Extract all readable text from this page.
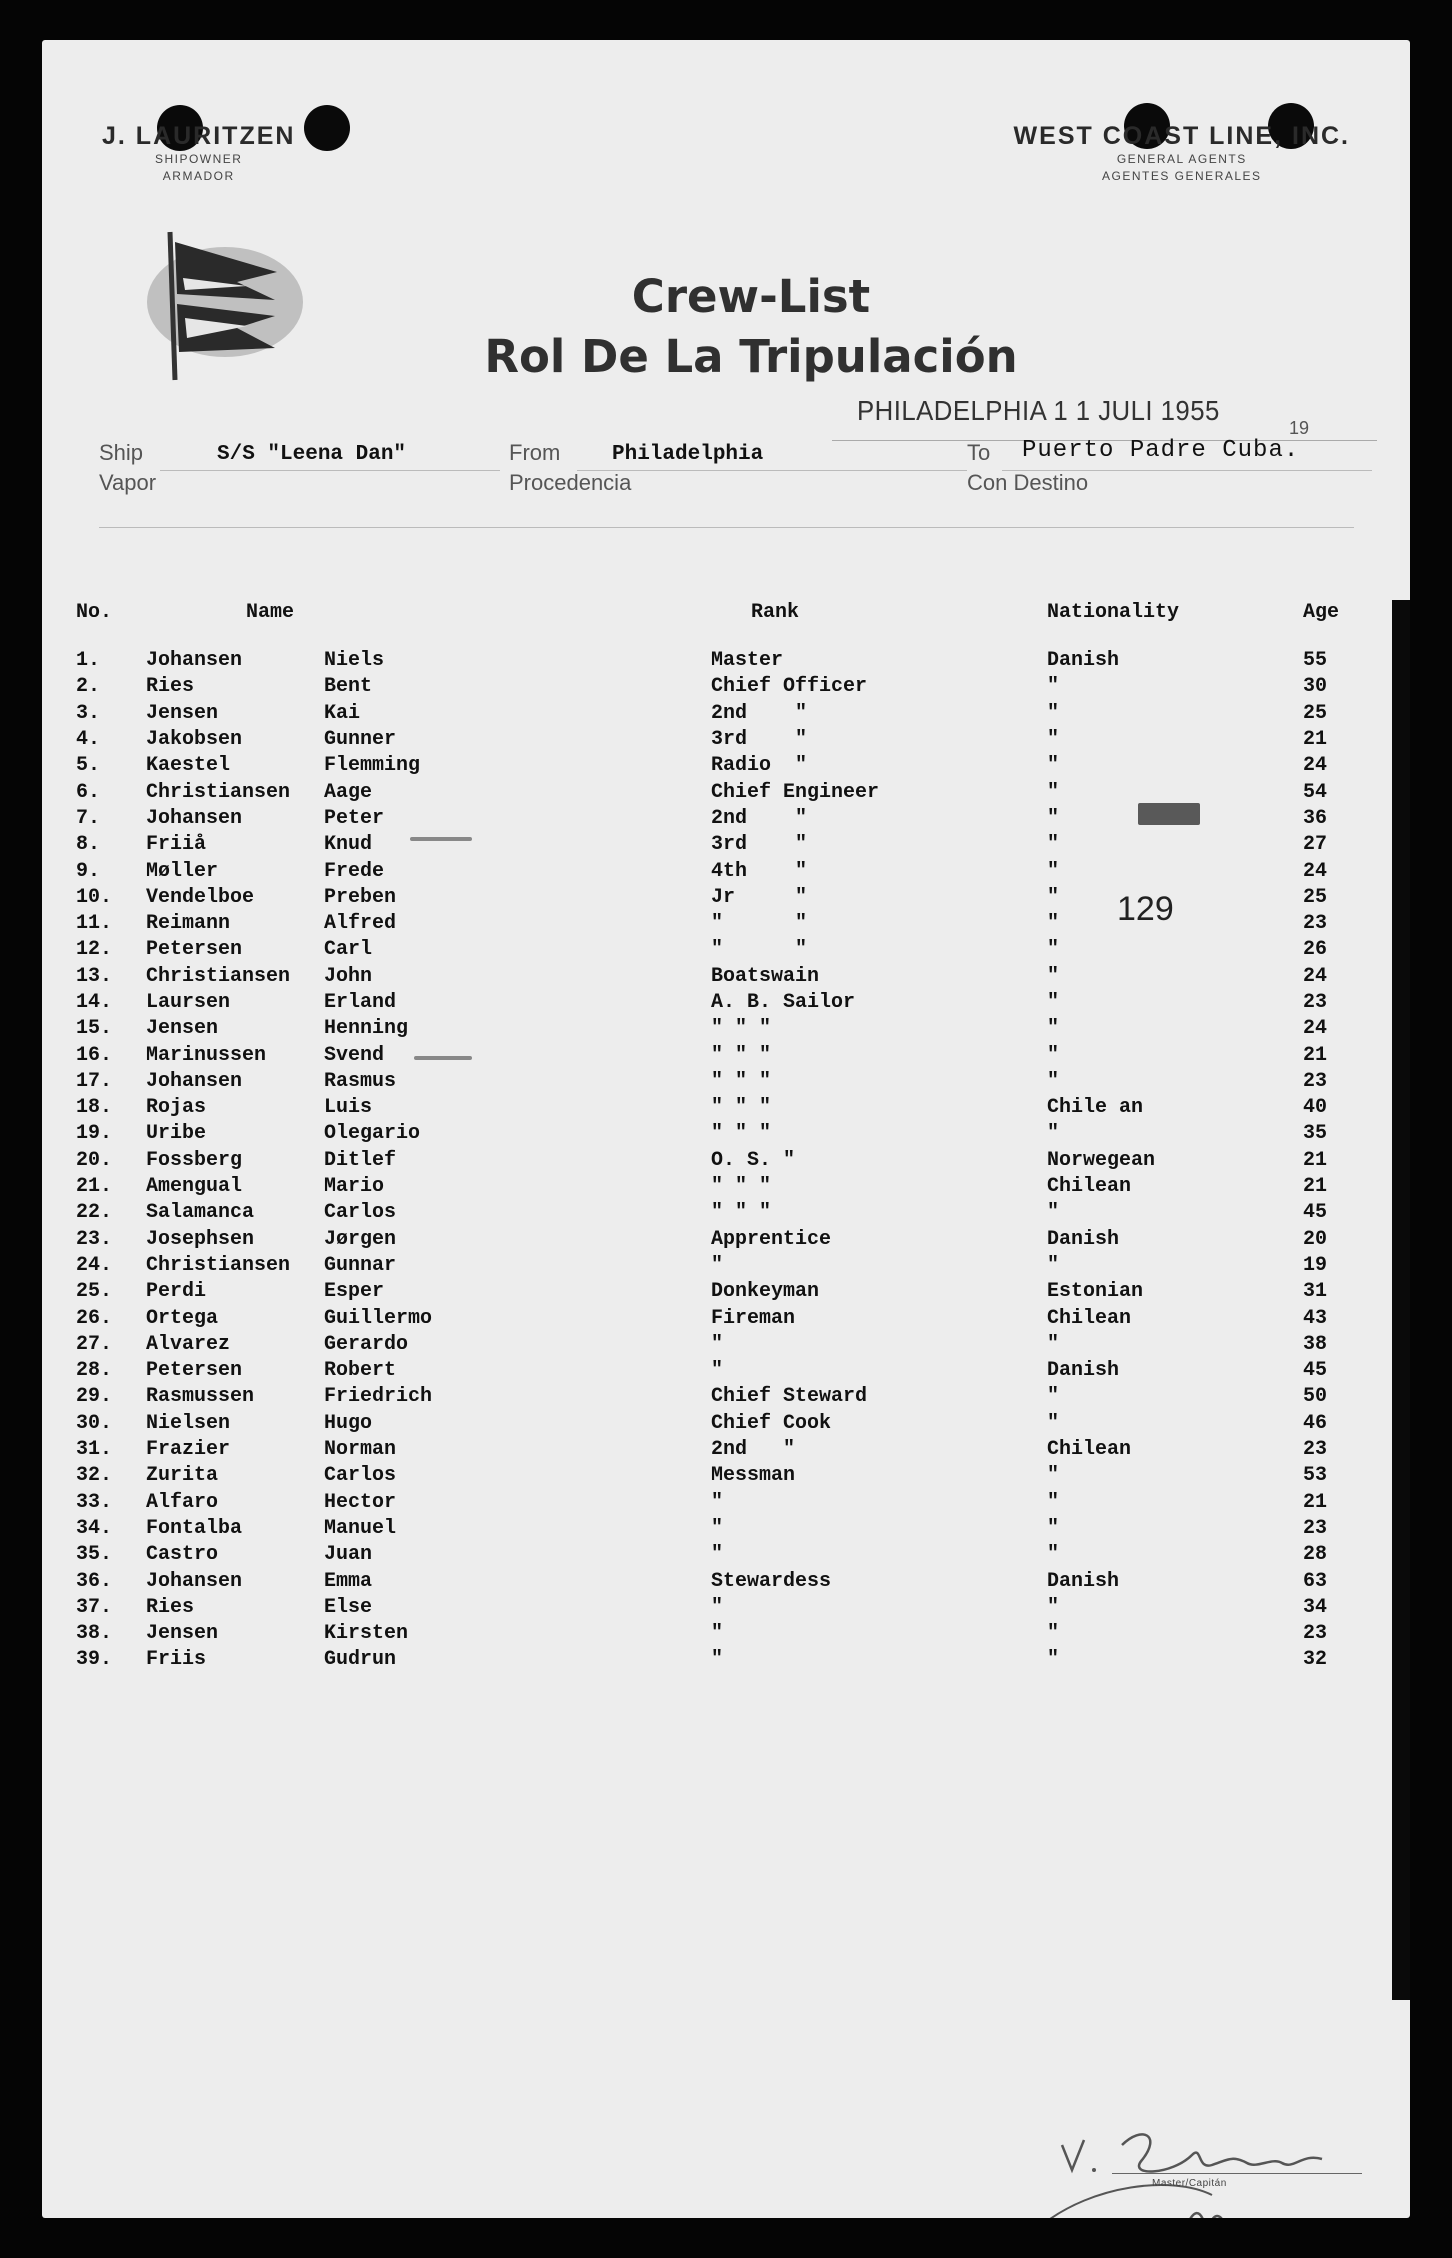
J. LAURITZEN
SHIPOWNER
ARMADOR
WEST COAST LINE, INC.
GENERAL AGENTS
AGENTES GENERALES
Crew-List
Rol De La Tripulación
PHILADELPHIA 1 1 JULI 1955
19
Ship
Vapor
S/S "Leena Dan"	From
Procedencia
Philadelphia	To
Con Destino
Puerto Padre Cuba.
No.	Name		Rank	Nationality	Age
1.	Johansen	Niels	Master	Danish	55
2.	Ries	Bent	Chief Officer	"	30
3.	Jensen	Kai	2nd    "	"	25
4.	Jakobsen	Gunner	3rd    "	"	21
5.	Kaestel	Flemming	Radio  "	"	24
6.	Christiansen	Aage	Chief Engineer	"	54
7.	Johansen	Peter	2nd    "	"	36
8.	Friiå	Knud	3rd    "	"	27
9.	Møller	Frede	4th    "	"	24
10.	Vendelboe	Preben	Jr     "	"	25
11.	Reimann	Alfred	"      "	"	23
12.	Petersen	Carl	"      "	"	26
13.	Christiansen	John	Boatswain	"	24
14.	Laursen	Erland	A. B. Sailor	"	23
15.	Jensen	Henning	" " "	"	24
16.	Marinussen	Svend	" " "	"	21
17.	Johansen	Rasmus	" " "	"	23
18.	Rojas	Luis	" " "	Chile an	40
19.	Uribe	Olegario	" " "	"	35
20.	Fossberg	Ditlef	O. S. "	Norwegean	21
21.	Amengual	Mario	" " "	Chilean	21
22.	Salamanca	Carlos	" " "	"	45
23.	Josephsen	Jørgen	Apprentice	Danish	20
24.	Christiansen	Gunnar	"	"	19
25.	Perdi	Esper	Donkeyman	Estonian	31
26.	Ortega	Guillermo	Fireman	Chilean	43
27.	Alvarez	Gerardo	"	"	38
28.	Petersen	Robert	"	Danish	45
29.	Rasmussen	Friedrich	Chief Steward	"	50
30.	Nielsen	Hugo	Chief Cook	"	46
31.	Frazier	Norman	2nd   "	Chilean	23
32.	Zurita	Carlos	Messman	"	53
33.	Alfaro	Hector	"	"	21
34.	Fontalba	Manuel	"	"	23
35.	Castro	Juan	"	"	28
36.	Johansen	Emma	Stewardess	Danish	63
37.	Ries	Else	"	"	34
38.	Jensen	Kirsten	"	"	23
39.	Friis	Gudrun	"	"	32
129
Master/Capitán
